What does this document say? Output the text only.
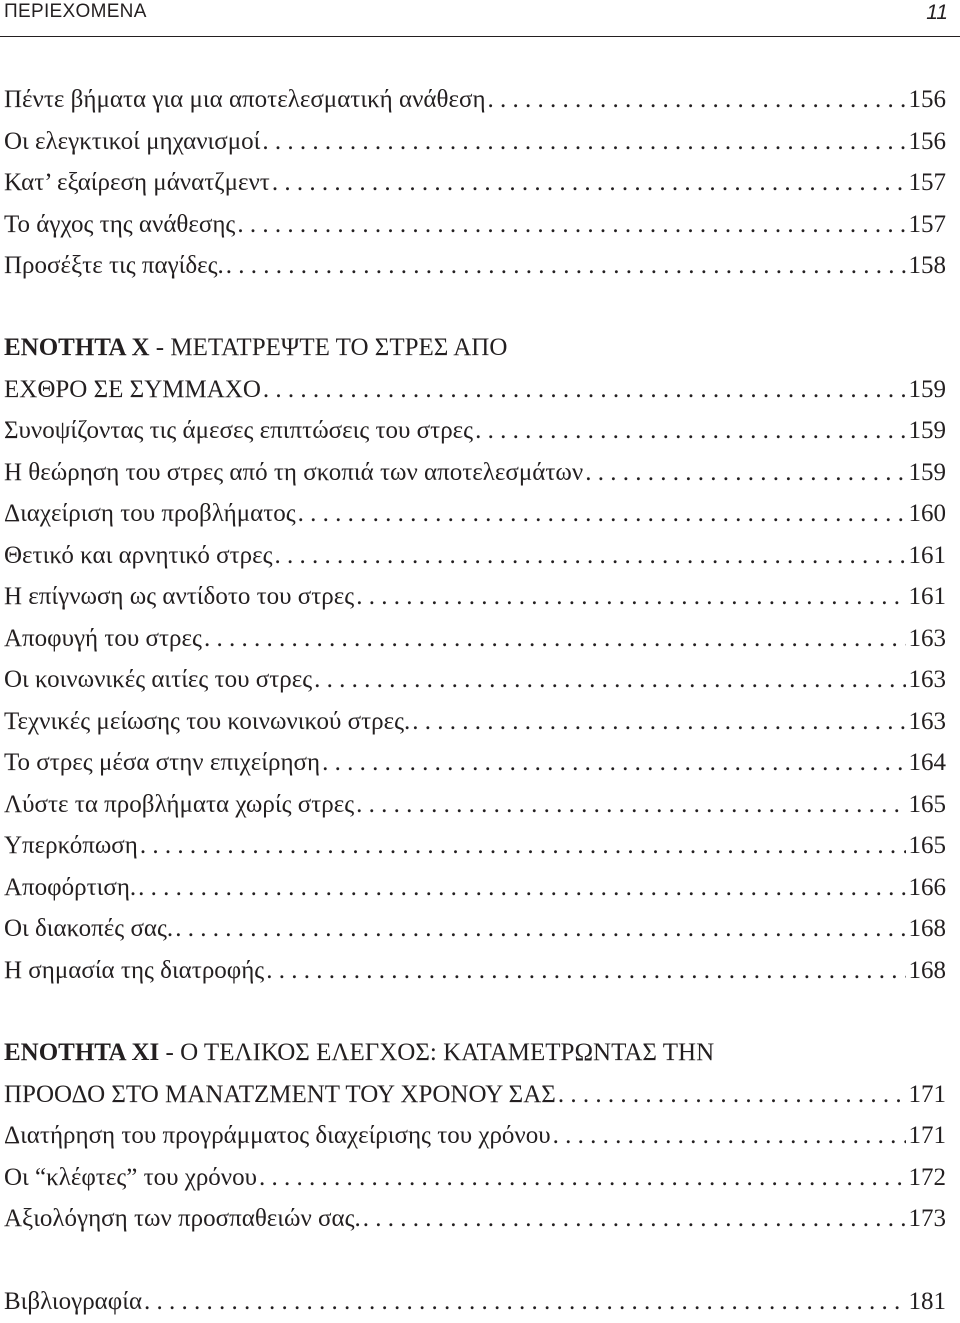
ΠΕΡΙΕΧΟΜΕΝΑ	11
Πέντε βήματα για μια αποτελεσματική ανάθεση . . .	156
Οι ελεγκτικοί μηχανισμοί . . .	156
Κατ’ εξαίρεση μάνατζμεντ . . .	157
Το άγχος της ανάθεσης . . .	157
Προσέξτε τις παγίδες. . . .	158
ΕΝΟΤΗΤΑ Χ - ΜΕΤΑΤΡΕΨΤΕ ΤΟ ΣΤΡΕΣ ΑΠΟ
ΕΧΘΡΟ ΣΕ ΣΥΜΜΑΧΟ . . .	159
Συνοψίζοντας τις άμεσες επιπτώσεις του στρες . . .	159
Η θεώρηση του στρες από τη σκοπιά των αποτελεσμάτων . . .	159
Διαχείριση του προβλήματος . . .	160
Θετικό και αρνητικό στρες . . .	161
Η επίγνωση ως αντίδοτο του στρες . . .	161
Αποφυγή του στρες . . .	163
Οι κοινωνικές αιτίες του στρες . . .	163
Τεχνικές μείωσης του κοινωνικού στρες. . . .	163
Το στρες μέσα στην επιχείρηση . . .	164
Λύστε τα προβλήματα χωρίς στρες . . .	165
Υπερκόπωση . . .	165
Αποφόρτιση. . . .	166
Οι διακοπές σας. . . .	168
Η σημασία της διατροφής . . .	168
ΕΝΟΤΗΤΑ XI - Ο ΤΕΛΙΚΟΣ ΕΛΕΓΧΟΣ: ΚΑΤΑΜΕΤΡΩΝΤΑΣ ΤΗΝ
ΠΡΟΟΔΟ ΣΤΟ ΜΑΝΑΤΖΜΕΝΤ ΤΟΥ ΧΡΟΝΟΥ ΣΑΣ . . .	171
Διατήρηση του προγράμματος διαχείρισης του χρόνου . . .	171
Οι “κλέφτες” του χρόνου . . .	172
Αξιολόγηση των προσπαθειών σας. . . .	173
Βιβλιογραφία . . .	181
